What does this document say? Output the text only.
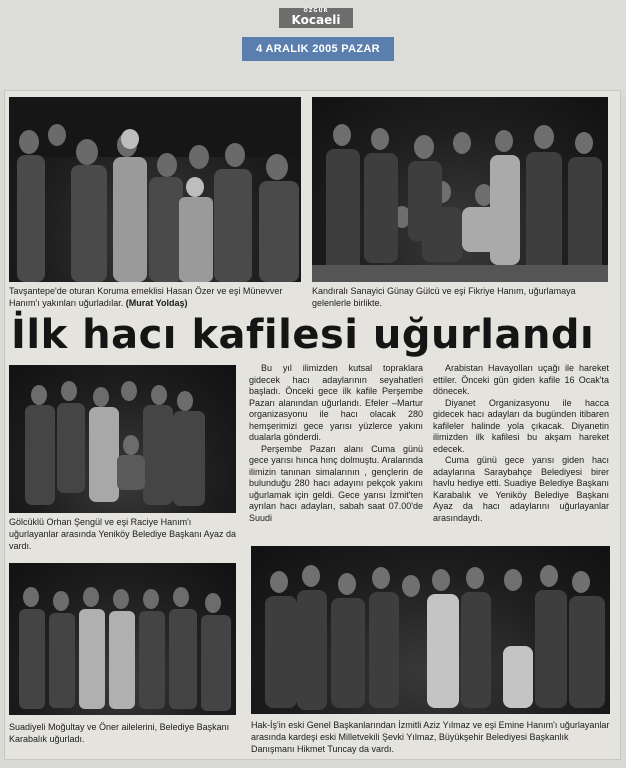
ÖZGÜR
Kocaeli
4 ARALIK 2005 PAZAR
Tavşantepe'de oturan Koruma emeklisi Hasan Özer ve eşi Münevver Hanım'ı yakınları uğurladılar. (Murat Yoldaş)
Kandıralı Sanayici Günay Gülcü ve eşi Fikriye Hanım, uğurlamaya gelenlerle birlikte.
İlk hacı kafilesi uğurlandı
Gölcüklü Orhan Şengül ve eşi Raciye Hanım'ı uğurlayanlar arasında Yeniköy Belediye Başkanı Ayaz da vardı.

Bu yıl ilimizden kutsal topraklara gidecek hacı adaylarının seyahatleri başladı. Önceki gece ilk kafile Perşembe Pazarı alanından uğurlandı. Efeler –Martur organizasyonu ile hacı olacak 280 hemşerimizi gece yarısı yüzlerce yakını dualarla gönderdi.

Perşembe Pazarı alanı Cuma günü gece yarısı hınca hınç dolmuştu. Aralarında ilimizin tanınan simalarının , gençlerin de bulunduğu 280 hacı adayını pekçok yakını uğurlamak için geldi. Gece yarısı İzmit'ten ayrılan hacı adayları, sabah saat 07.00'de Suudi

Arabistan Havayolları uçağı ile hareket ettiler. Önceki gün giden kafile 16 Ocak'ta dönecek.

Diyanet Organizasyonu ile hacca gidecek hacı adayları da bugünden itibaren kafileler halinde yola çıkacak. Diyanetin ilimizden ilk kafilesi bu akşam hareket edecek.

Cuma günü gece yarısı giden hacı adaylarına Saraybahçe Belediyesi birer havlu hediye etti. Suadiye Belediye Başkanı Karabalık ve Yeniköy Belediye Başkanı Ayaz da hacı adaylarını uğurlayanlar arasındaydı.

Suadiyeli Moğultay ve Öner ailelerini, Belediye Başkanı Karabalık uğurladı.
Hak-İş'in eski Genel Başkanlarından İzmitli Aziz Yılmaz ve eşi Emine Hanım'ı uğurlayanlar arasında kardeşi eski Milletvekili Şevki Yılmaz, Büyükşehir Belediyesi Başkanlık Danışmanı Hikmet Tuncay da vardı.
